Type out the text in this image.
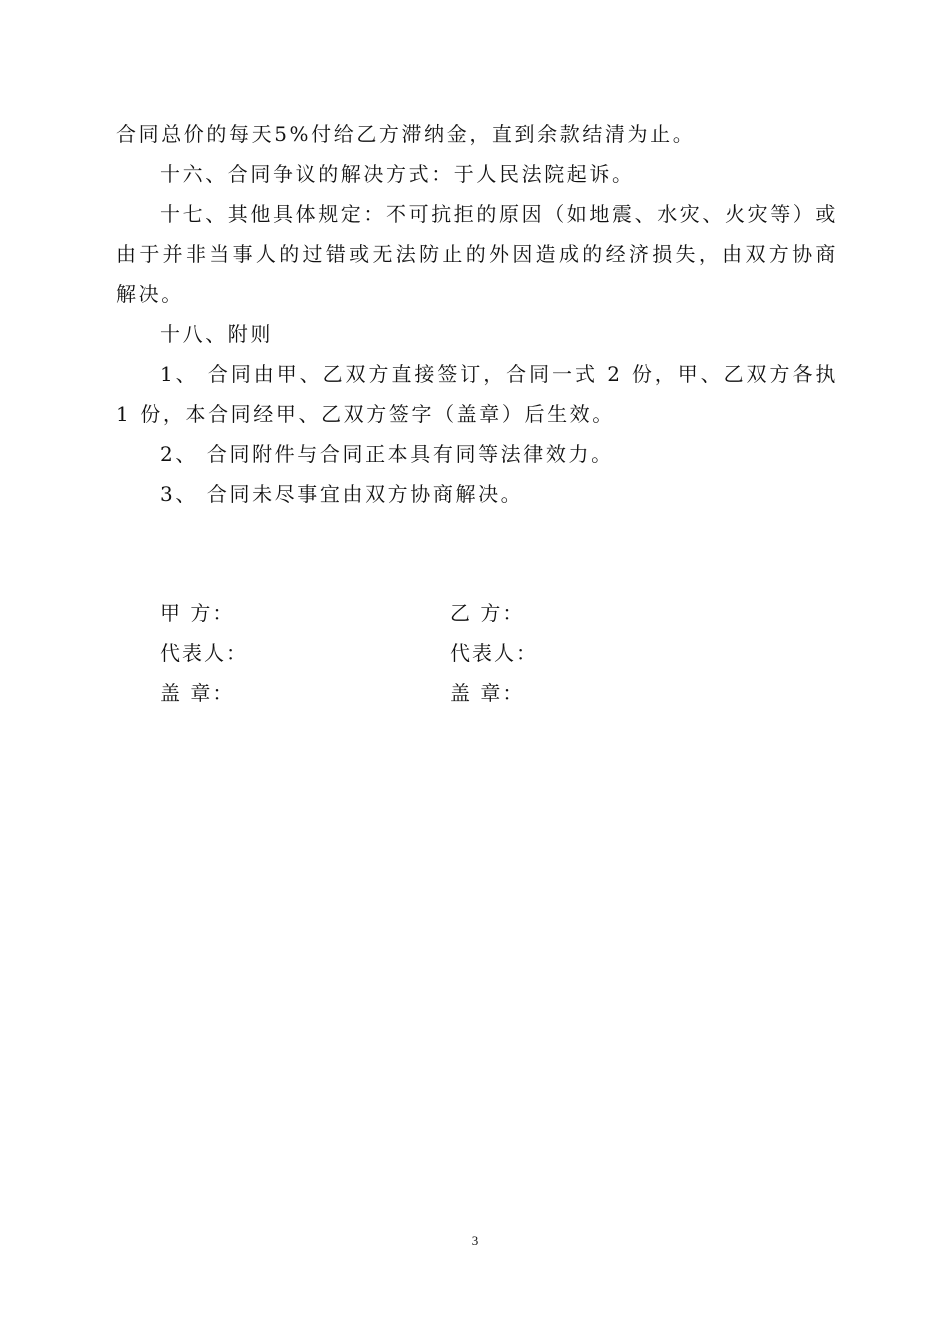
合同总价的每天5%付给乙方滞纳金，直到余款结清为止。

十六、合同争议的解决方式：于人民法院起诉。

十七、其他具体规定：不可抗拒的原因（如地震、水灾、火灾等）或由于并非当事人的过错或无法防止的外因造成的经济损失，由双方协商解决。

十八、附则

1、 合同由甲、乙双方直接签订，合同一式 2 份，甲、乙双方各执 1 份，本合同经甲、乙双方签字（盖章）后生效。

2、 合同附件与合同正本具有同等法律效力。

3、 合同未尽事宜由双方协商解决。

甲 方：	乙 方：
代表人：	代表人：
盖 章：	盖 章：
3
